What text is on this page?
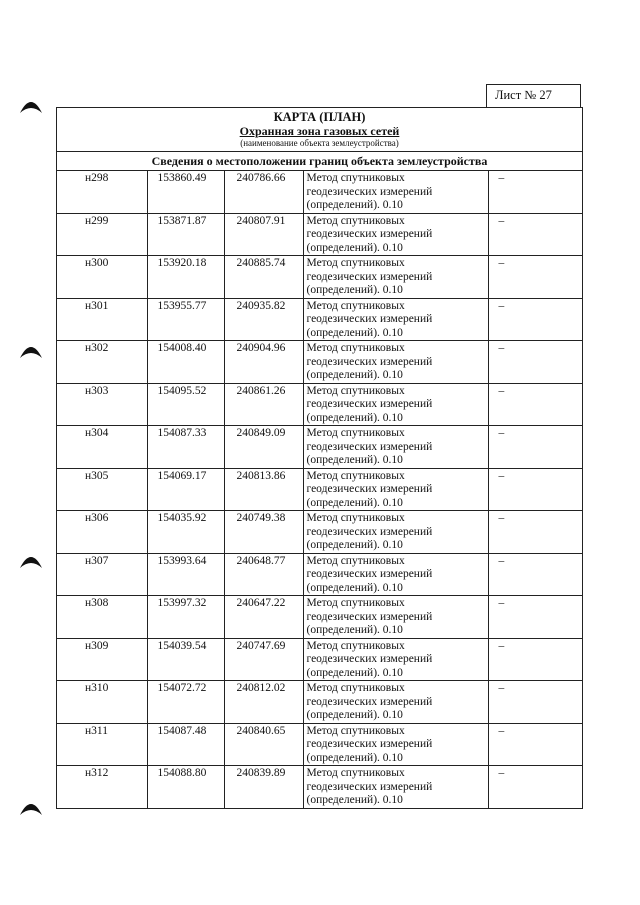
Лист № 27
КАРТА (ПЛАН)
Охранная зона газовых сетей
(наименование объекта землеустройства)
Сведения о местоположении границ объекта землеустройства
н298	153860.49	240786.66	Метод спутниковых
геодезических измерений
(определений). 0.10	–
н299	153871.87	240807.91	Метод спутниковых
геодезических измерений
(определений). 0.10	–
н300	153920.18	240885.74	Метод спутниковых
геодезических измерений
(определений). 0.10	–
н301	153955.77	240935.82	Метод спутниковых
геодезических измерений
(определений). 0.10	–
н302	154008.40	240904.96	Метод спутниковых
геодезических измерений
(определений). 0.10	–
н303	154095.52	240861.26	Метод спутниковых
геодезических измерений
(определений). 0.10	–
н304	154087.33	240849.09	Метод спутниковых
геодезических измерений
(определений). 0.10	–
н305	154069.17	240813.86	Метод спутниковых
геодезических измерений
(определений). 0.10	–
н306	154035.92	240749.38	Метод спутниковых
геодезических измерений
(определений). 0.10	–
н307	153993.64	240648.77	Метод спутниковых
геодезических измерений
(определений). 0.10	–
н308	153997.32	240647.22	Метод спутниковых
геодезических измерений
(определений). 0.10	–
н309	154039.54	240747.69	Метод спутниковых
геодезических измерений
(определений). 0.10	–
н310	154072.72	240812.02	Метод спутниковых
геодезических измерений
(определений). 0.10	–
н311	154087.48	240840.65	Метод спутниковых
геодезических измерений
(определений). 0.10	–
н312	154088.80	240839.89	Метод спутниковых
геодезических измерений
(определений). 0.10	–
